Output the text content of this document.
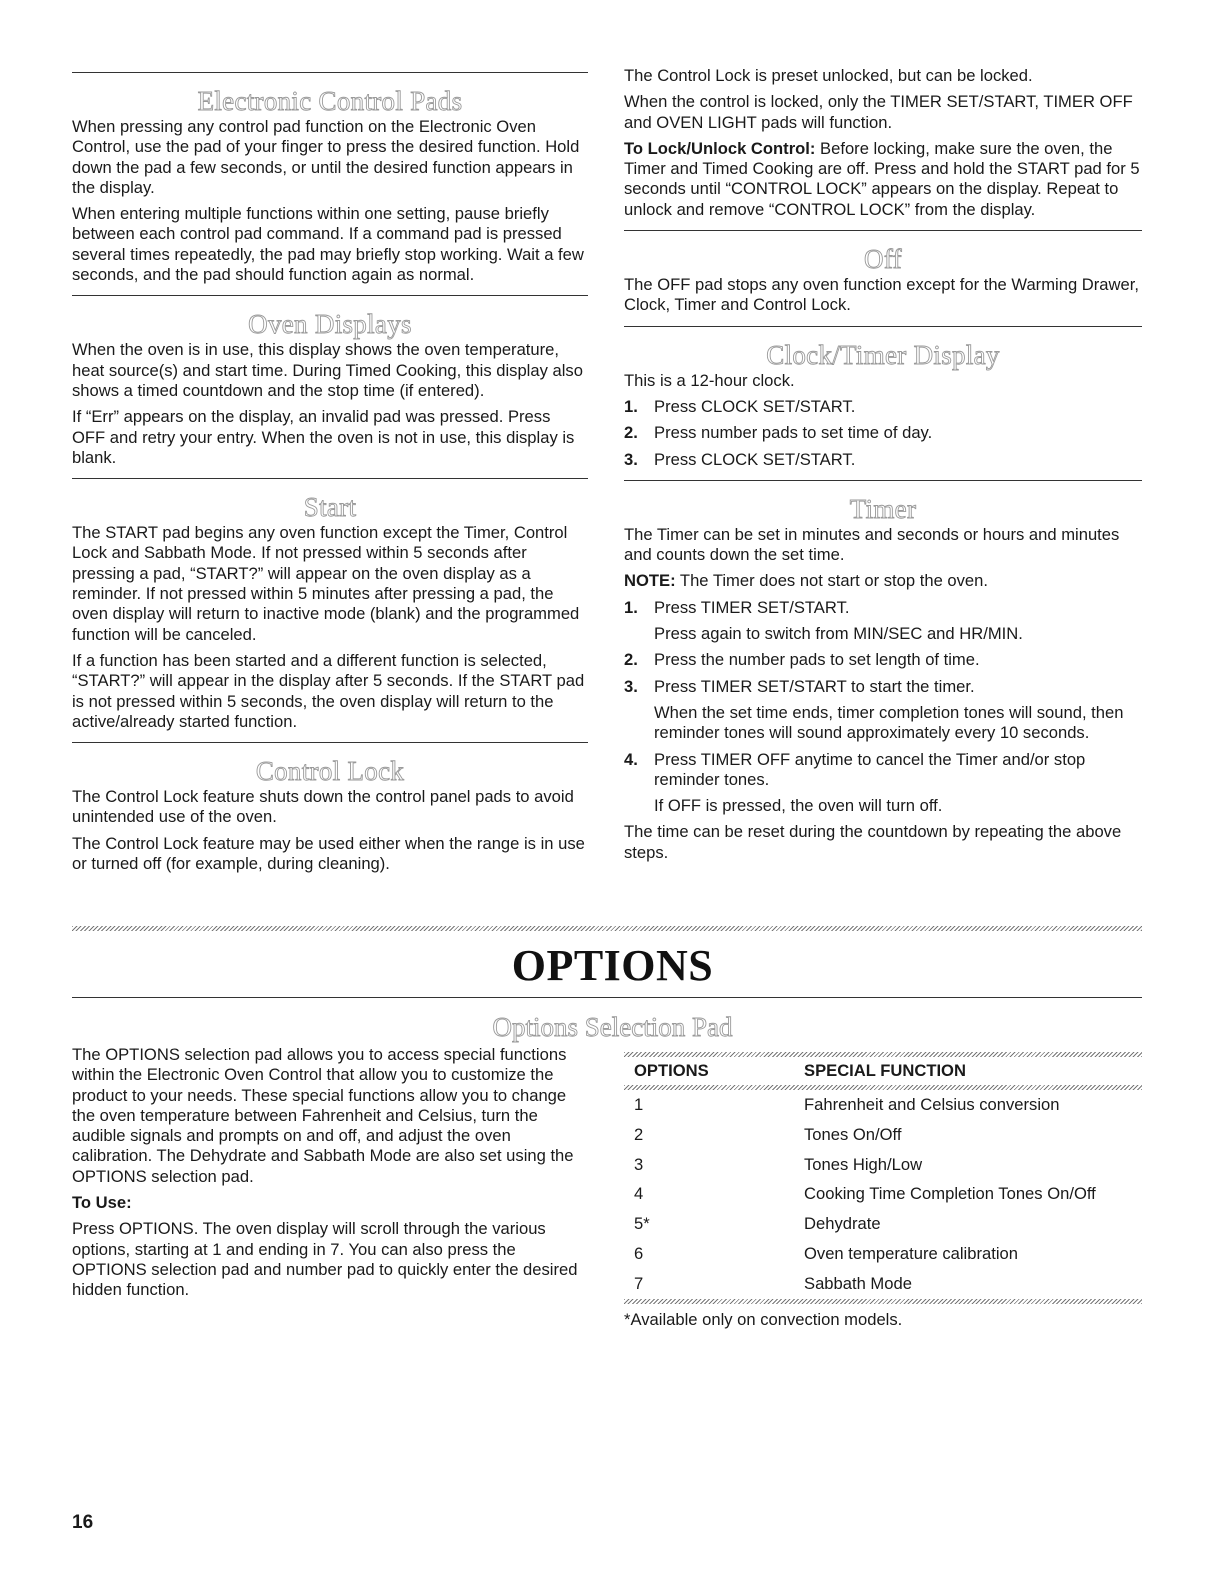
Electronic Control Pads

When pressing any control pad function on the Electronic Oven Control, use the pad of your finger to press the desired function. Hold down the pad a few seconds, or until the desired function appears in the display.

When entering multiple functions within one setting, pause briefly between each control pad command. If a command pad is pressed several times repeatedly, the pad may briefly stop working. Wait a few seconds, and the pad should function again as normal.

Oven Displays

When the oven is in use, this display shows the oven temperature, heat source(s) and start time. During Timed Cooking, this display also shows a timed countdown and the stop time (if entered).

If “Err” appears on the display, an invalid pad was pressed. Press OFF and retry your entry. When the oven is not in use, this display is blank.

Start

The START pad begins any oven function except the Timer, Control Lock and Sabbath Mode. If not pressed within 5 seconds after pressing a pad, “START?” will appear on the oven display as a reminder. If not pressed within 5 minutes after pressing a pad, the oven display will return to inactive mode (blank) and the programmed function will be canceled.

If a function has been started and a different function is selected, “START?” will appear in the display after 5 seconds. If the START pad is not pressed within 5 seconds, the oven display will return to the active/already started function.

Control Lock

The Control Lock feature shuts down the control panel pads to avoid unintended use of the oven.

The Control Lock feature may be used either when the range is in use or turned off (for example, during cleaning).

The Control Lock is preset unlocked, but can be locked.

When the control is locked, only the TIMER SET/START, TIMER OFF and OVEN LIGHT pads will function.

To Lock/Unlock Control: Before locking, make sure the oven, the Timer and Timed Cooking are off. Press and hold the START pad for 5 seconds until “CONTROL LOCK” appears on the display. Repeat to unlock and remove “CONTROL LOCK” from the display.

Off

The OFF pad stops any oven function except for the Warming Drawer, Clock, Timer and Control Lock.

Clock/Timer Display

This is a 12-hour clock.

1. Press CLOCK SET/START.
2. Press number pads to set time of day.
3. Press CLOCK SET/START.
Timer

The Timer can be set in minutes and seconds or hours and minutes and counts down the set time.

NOTE: The Timer does not start or stop the oven.

1. Press TIMER SET/START.
Press again to switch from MIN/SEC and HR/MIN.
2. Press the number pads to set length of time.
3. Press TIMER SET/START to start the timer.
When the set time ends, timer completion tones will sound, then reminder tones will sound approximately every 10 seconds.
4. Press TIMER OFF anytime to cancel the Timer and/or stop reminder tones.
If OFF is pressed, the oven will turn off.

The time can be reset during the countdown by repeating the above steps.

OPTIONS
Options Selection Pad

The OPTIONS selection pad allows you to access special functions within the Electronic Oven Control that allow you to customize the product to your needs. These special functions allow you to change the oven temperature between Fahrenheit and Celsius, turn the audible signals and prompts on and off, and adjust the oven calibration. The Dehydrate and Sabbath Mode are also set using the OPTIONS selection pad.

To Use:

Press OPTIONS. The oven display will scroll through the various options, starting at 1 and ending in 7. You can also press the OPTIONS selection pad and number pad to quickly enter the desired hidden function.

OPTIONS	SPECIAL FUNCTION
1	Fahrenheit and Celsius conversion
2	Tones On/Off
3	Tones High/Low
4	Cooking Time Completion Tones On/Off
5*	Dehydrate
6	Oven temperature calibration
7	Sabbath Mode

*Available only on convection models.

16
